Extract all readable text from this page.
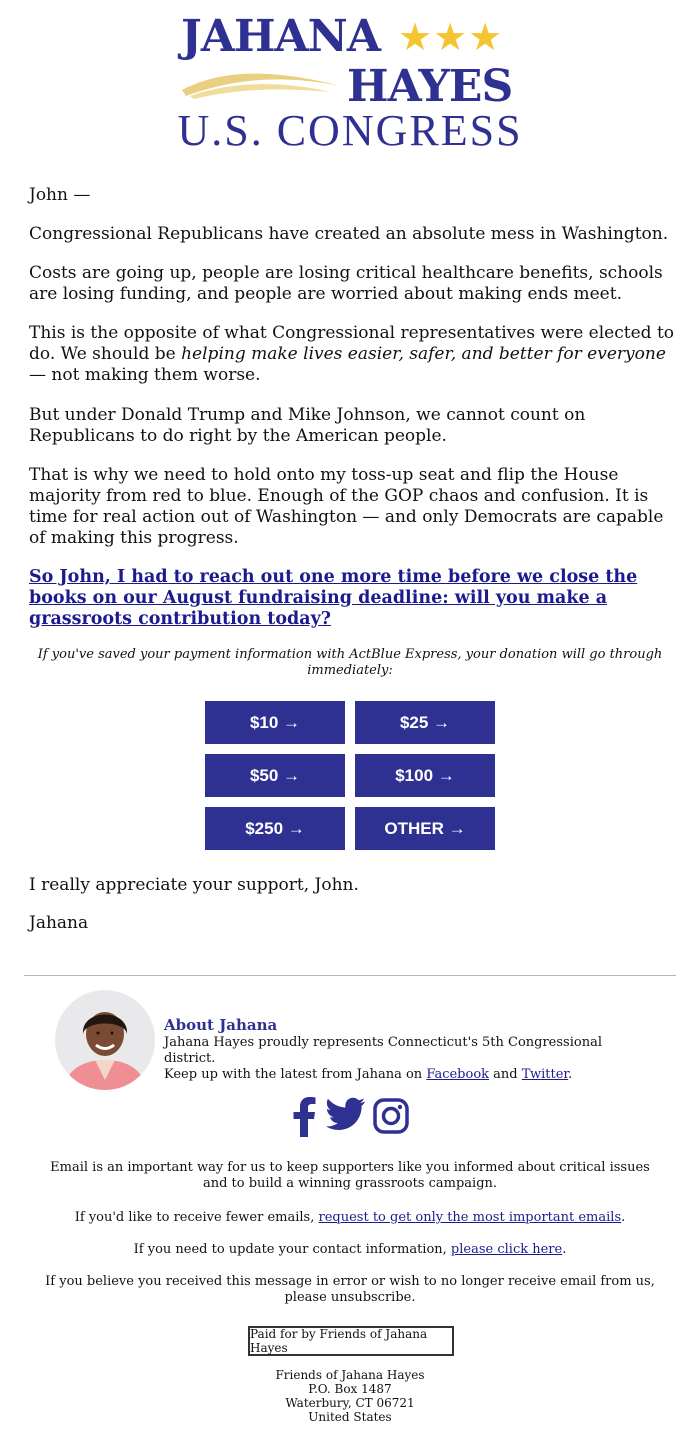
JAHANA ★★★
HAYES
U.S. CONGRESS
John —
Congressional Republicans have created an absolute mess in Washington.
Costs are going up, people are losing critical healthcare benefits, schools are losing funding, and people are worried about making ends meet.
This is the opposite of what Congressional representatives were elected to do. We should be helping make lives easier, safer, and better for everyone — not making them worse.
But under Donald Trump and Mike Johnson, we cannot count on Republicans to do right by the American people.
That is why we need to hold onto my toss-up seat and flip the House majority from red to blue. Enough of the GOP chaos and confusion. It is time for real action out of Washington — and only Democrats are capable of making this progress.
So John, I had to reach out one more time before we close the books on our August fundraising deadline: will you make a grassroots contribution today?
If you've saved your payment information with ActBlue Express, your donation will go through immediately:
$10 →	$25 →
$50 →	$100 →
$250 →	OTHER →
I really appreciate your support, John.
Jahana
About Jahana
Jahana Hayes proudly represents Connecticut's 5th Congressional district.
Keep up with the latest from Jahana on Facebook and Twitter.
Email is an important way for us to keep supporters like you informed about critical issues and to build a winning grassroots campaign.
If you'd like to receive fewer emails, request to get only the most important emails.
If you need to update your contact information, please click here.
If you believe you received this message in error or wish to no longer receive email from us, please unsubscribe.
Paid for by Friends of Jahana Hayes
Friends of Jahana Hayes
P.O. Box 1487
Waterbury, CT 06721
United States
